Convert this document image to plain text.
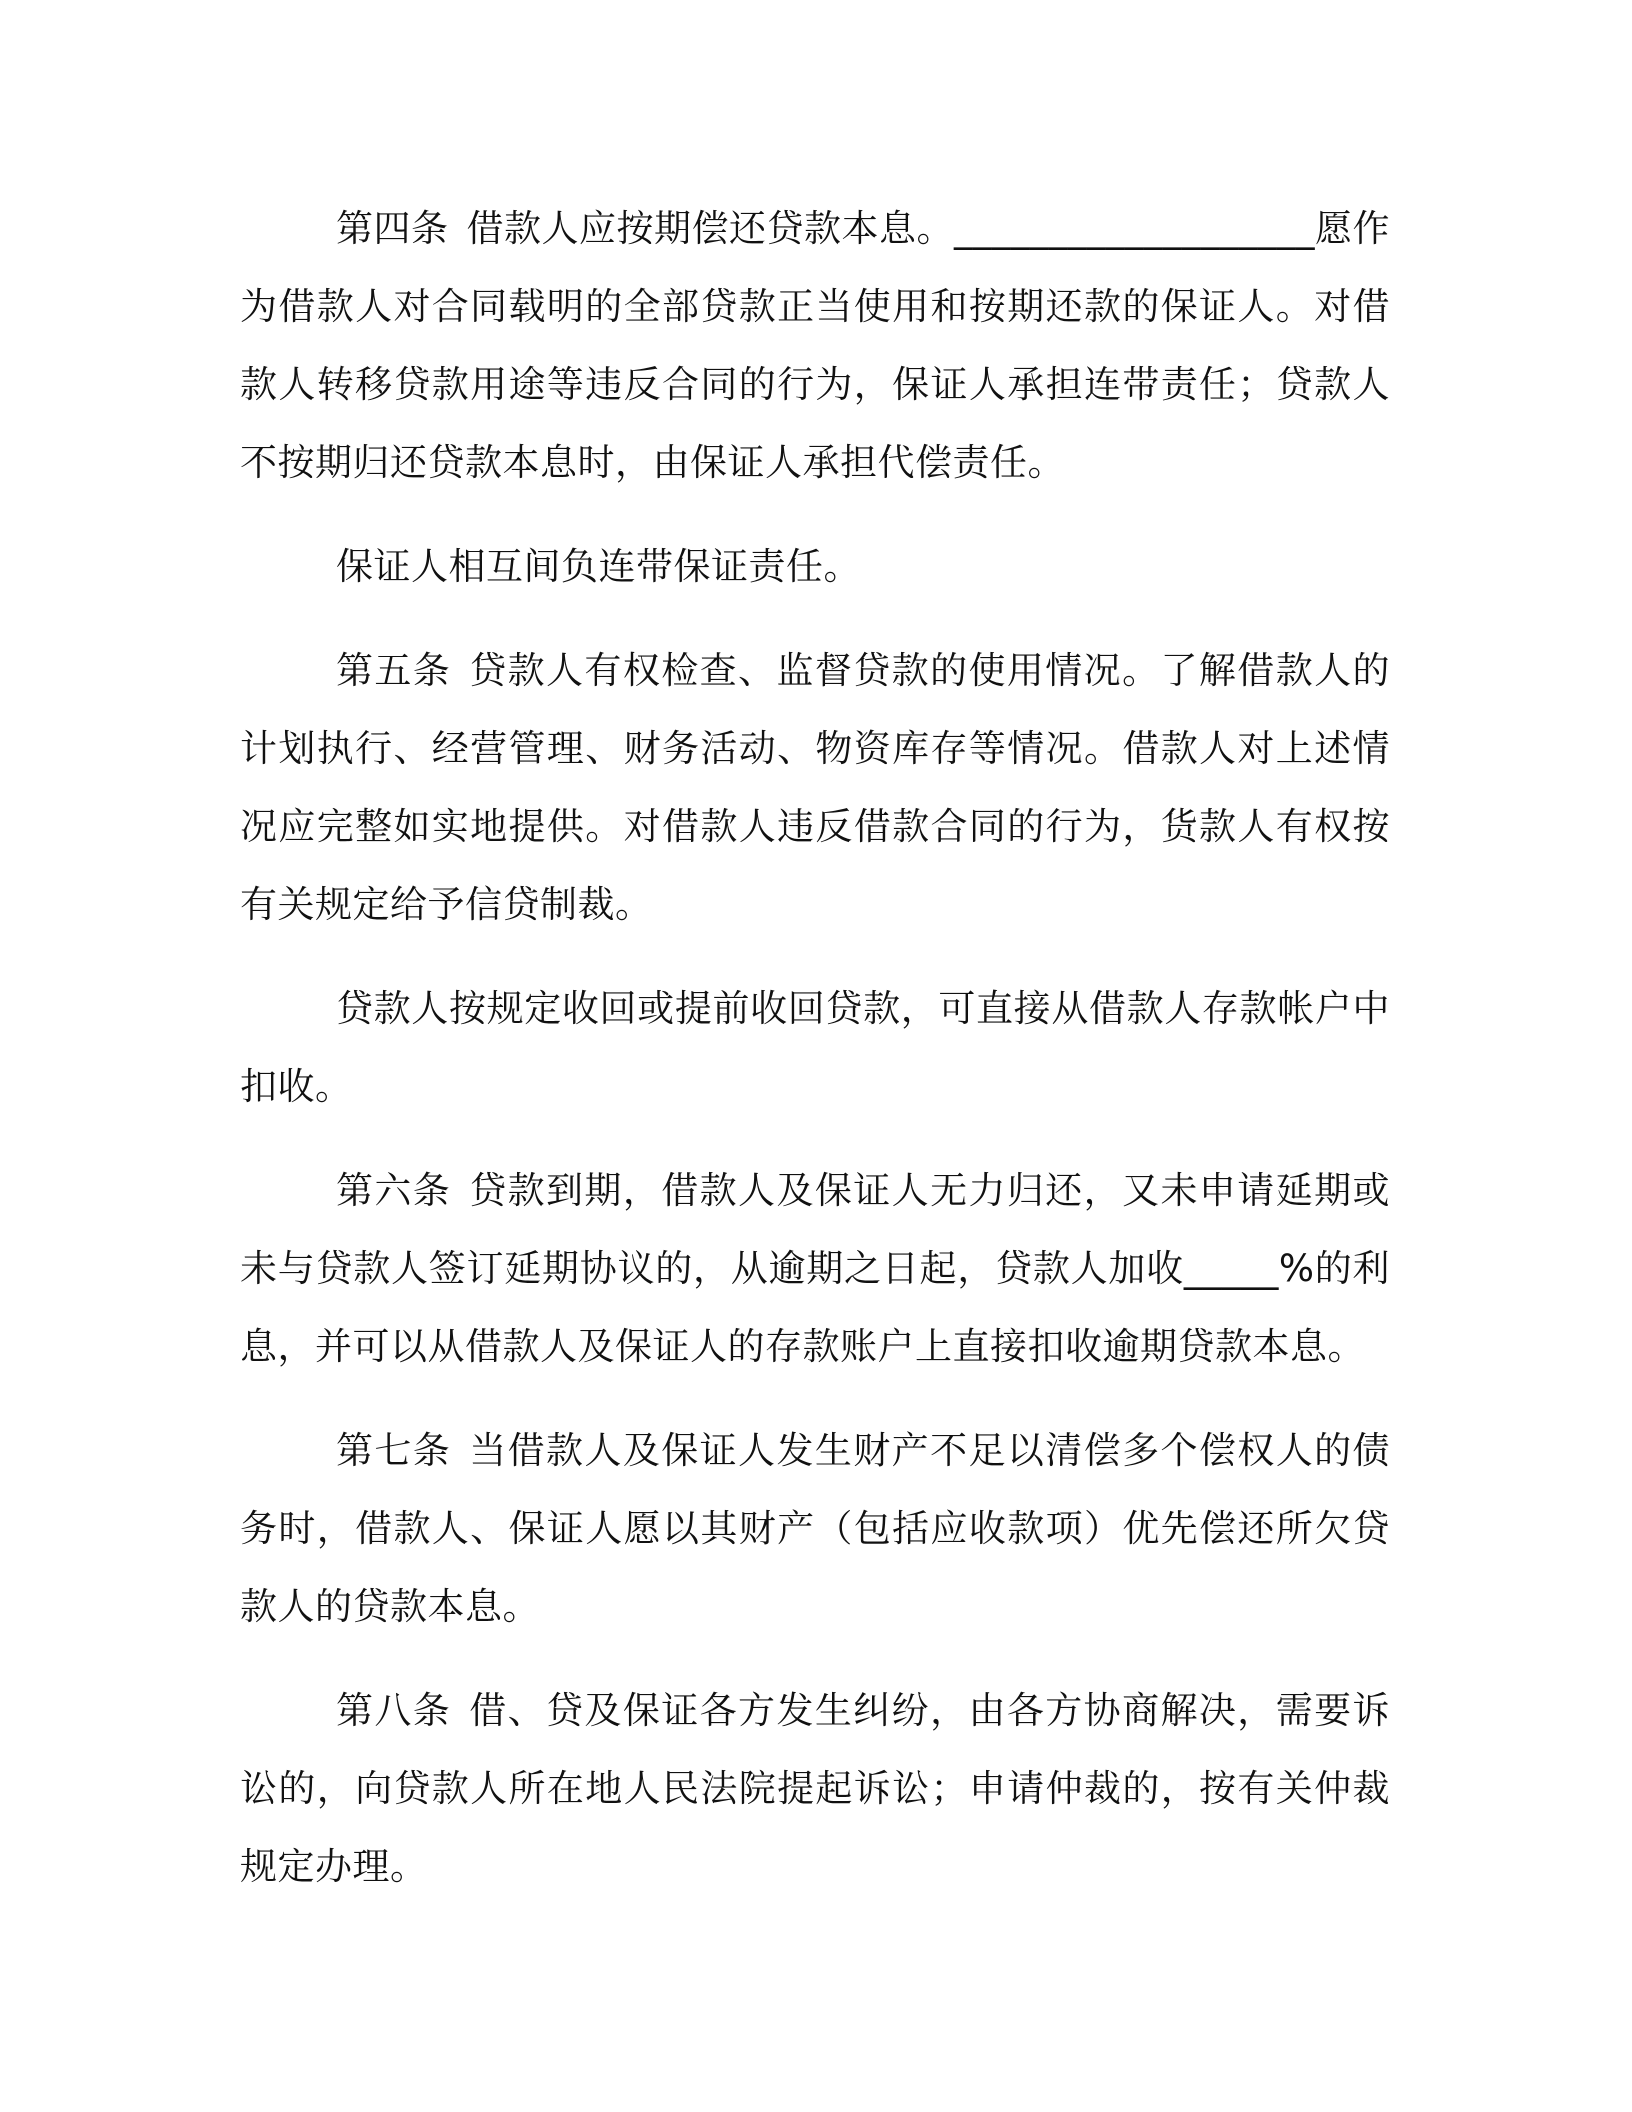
第四条 借款人应按期偿还贷款本息。___________________愿作为借款人对合同载明的全部贷款正当使用和按期还款的保证人。对借款人转移贷款用途等违反合同的行为，保证人承担连带责任；贷款人不按期归还贷款本息时，由保证人承担代偿责任。

保证人相互间负连带保证责任。

第五条 贷款人有权检查、监督贷款的使用情况。了解借款人的计划执行、经营管理、财务活动、物资库存等情况。借款人对上述情况应完整如实地提供。对借款人违反借款合同的行为，货款人有权按有关规定给予信贷制裁。

贷款人按规定收回或提前收回贷款，可直接从借款人存款帐户中扣收。

第六条 贷款到期，借款人及保证人无力归还，又未申请延期或未与贷款人签订延期协议的，从逾期之日起，贷款人加收_____%的利息，并可以从借款人及保证人的存款账户上直接扣收逾期贷款本息。

第七条 当借款人及保证人发生财产不足以清偿多个偿权人的债务时，借款人、保证人愿以其财产（包括应收款项）优先偿还所欠贷款人的贷款本息。

第八条 借、贷及保证各方发生纠纷，由各方协商解决，需要诉讼的，向贷款人所在地人民法院提起诉讼；申请仲裁的，按有关仲裁规定办理。
